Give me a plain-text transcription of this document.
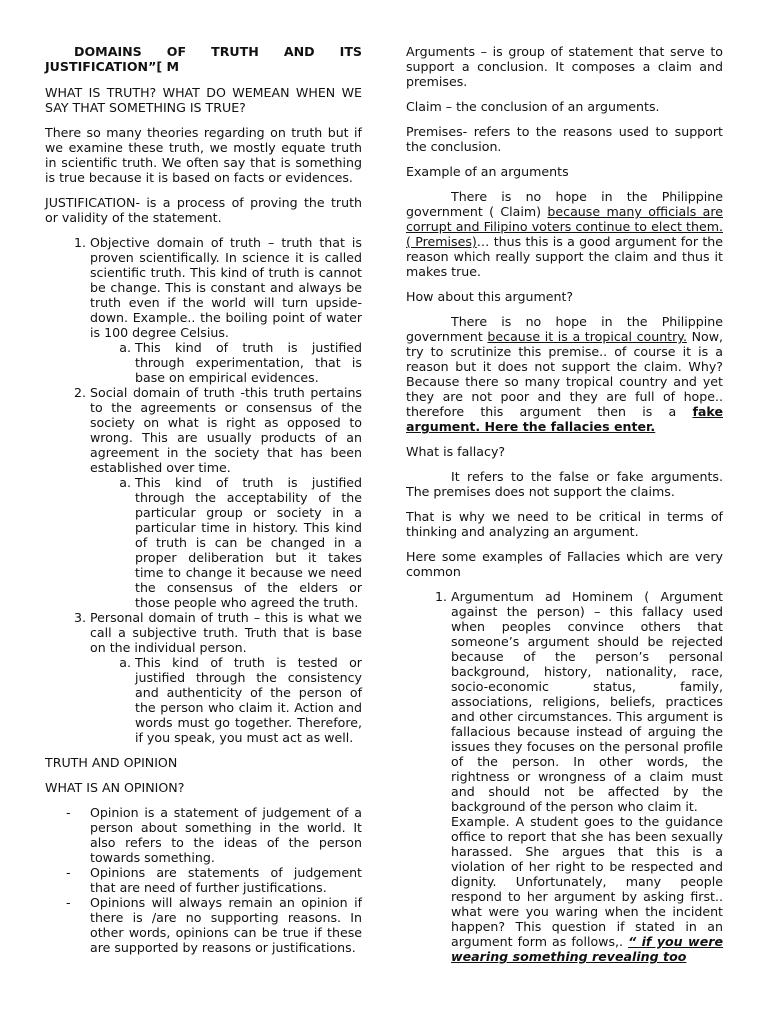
DOMAINS OF TRUTH AND ITS
JUSTIFICATION”[ M

WHAT IS TRUTH? WHAT DO WEMEAN WHEN WE SAY THAT SOMETHING IS TRUE?

There so many theories regarding on truth but if we examine these truth, we mostly equate truth in scientific truth. We often say that is something is true because it is based on facts or evidences.

JUSTIFICATION- is a process of proving the truth or validity of the statement.

1. Objective domain of truth – truth that is proven scientifically. In science it is called scientific truth. This kind of truth is cannot be change. This is constant and always be truth even if the world will turn upside-down. Example.. the boiling point of water is 100 degree Celsius.
a. This kind of truth is justified through experimentation, that is base on empirical evidences.
2. Social domain of truth -this truth pertains to the agreements or consensus of the society on what is right as opposed to wrong. This are usually products of an agreement in the society that has been established over time.
a. This kind of truth is justified through the acceptability of the particular group or society in a particular time in history. This kind of truth is can be changed in a proper deliberation but it takes time to change it because we need the consensus of the elders or those people who agreed the truth.
3. Personal domain of truth – this is what we call a subjective truth. Truth that is base on the individual person.
a. This kind of truth is tested or justified through the consistency and authenticity of the person of the person who claim it. Action and words must go together. Therefore, if you speak, you must act as well.

TRUTH AND OPINION

WHAT IS AN OPINION?

- Opinion is a statement of judgement of a person about something in the world. It also refers to the ideas of the person towards something.
- Opinions are statements of judgement that are need of further justifications.
- Opinions will always remain an opinion if there is /are no supporting reasons. In other words, opinions can be true if these are supported by reasons or justifications.

Arguments – is group of statement that serve to support a conclusion. It composes a claim and premises.

Claim – the conclusion of an arguments.

Premises- refers to the reasons used to support the conclusion.

Example of an arguments

There is no hope in the Philippine government ( Claim) because many officials are corrupt and Filipino voters continue to elect them. ( Premises)… thus this is a good argument for the reason which really support the claim and thus it makes true.

How about this argument?

There is no hope in the Philippine government because it is a tropical country. Now, try to scrutinize this premise.. of course it is a reason but it does not support the claim. Why? Because there so many tropical country and yet they are not poor and they are full of hope.. therefore this argument then is a fake argument. Here the fallacies enter.

What is fallacy?

It refers to the false or fake arguments. The premises does not support the claims.

That is why we need to be critical in terms of thinking and analyzing an argument.

Here some examples of Fallacies which are very common

1. Argumentum ad Hominem ( Argument against the person) – this fallacy used when peoples convince others that someone’s argument should be rejected because of the person’s personal background, history, nationality, race, socio-economic status, family, associations, religions, beliefs, practices and other circumstances. This argument is fallacious because instead of arguing the issues they focuses on the personal profile of the person. In other words, the rightness or wrongness of a claim must and should not be affected by the background of the person who claim it.
Example. A student goes to the guidance office to report that she has been sexually harassed. She argues that this is a violation of her right to be respected and dignity. Unfortunately, many people respond to her argument by asking first.. what were you waring when the incident happen? This question if stated in an argument form as follows,. “ if you were wearing something revealing too
